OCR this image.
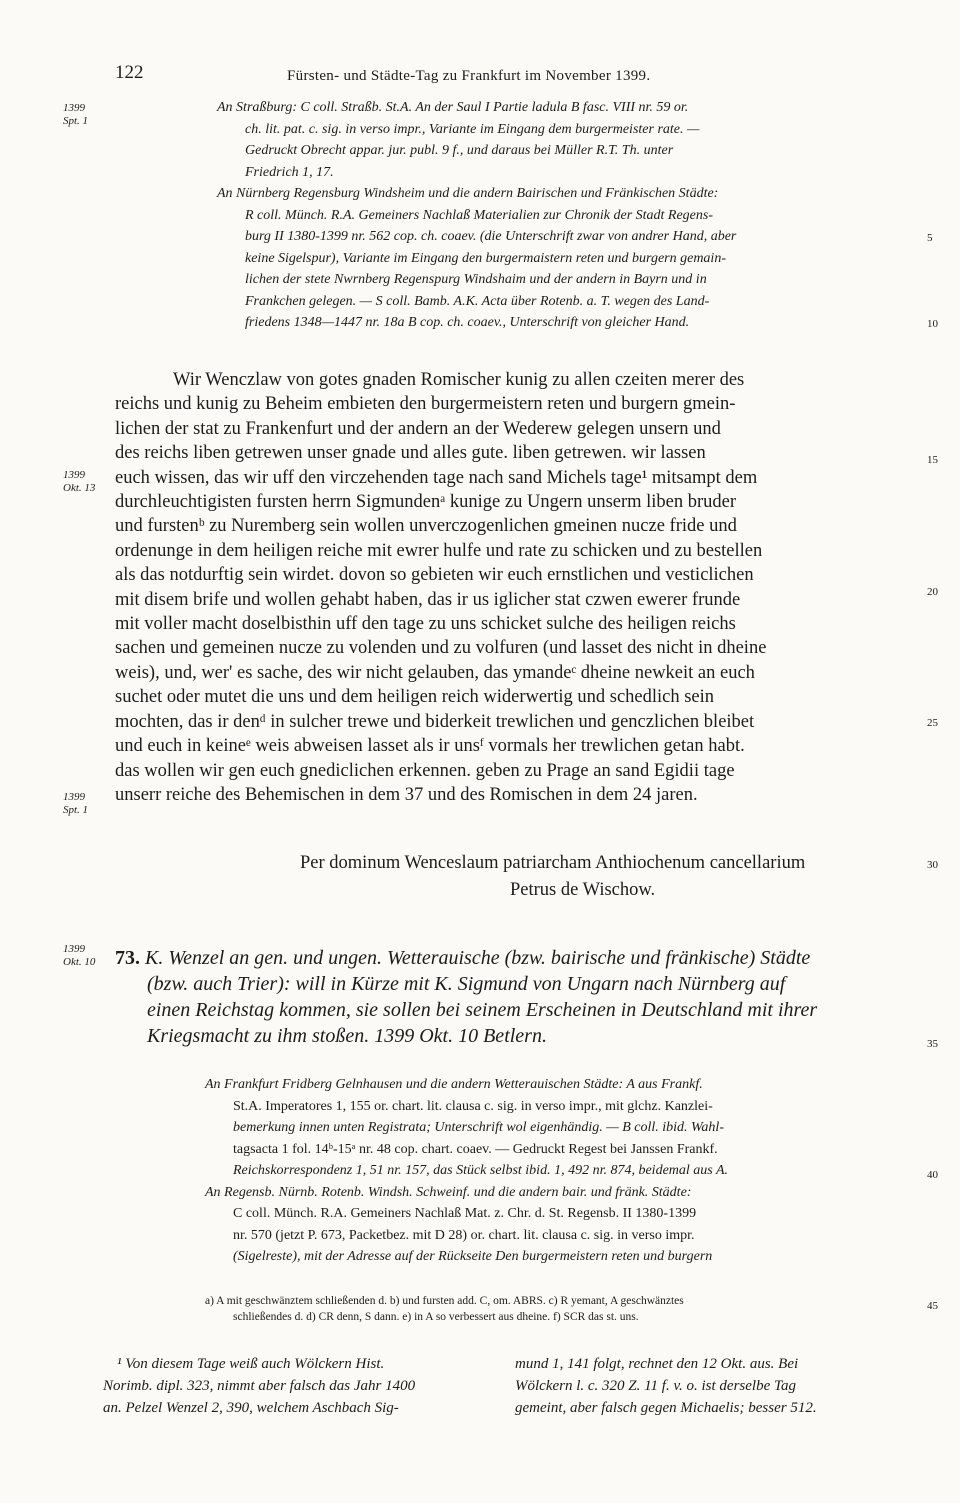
122	Fürsten- und Städte-Tag zu Frankfurt im November 1399.
1399
Spt. 1
1399
Okt. 13
1399
Spt. 1
1399
Okt. 10
5
10
15
20
25
30
35
40
45
An Straßburg: C coll. Straßb. St.A. An der Saul I Partie ladula B fasc. VIII nr. 59 or.
ch. lit. pat. c. sig. in verso impr., Variante im Eingang dem burgermeister rate. —
Gedruckt Obrecht appar. jur. publ. 9 f., und daraus bei Müller R.T. Th. unter
Friedrich 1, 17.
An Nürnberg Regensburg Windsheim und die andern Bairischen und Fränkischen Städte:
R coll. Münch. R.A. Gemeiners Nachlaß Materialien zur Chronik der Stadt Regens-
burg II 1380-1399 nr. 562 cop. ch. coaev. (die Unterschrift zwar von andrer Hand, aber
keine Sigelspur), Variante im Eingang den burgermaistern reten und burgern gemain-
lichen der stete Nwrnberg Regenspurg Windshaim und der andern in Bayrn und in
Frankchen gelegen. — S coll. Bamb. A.K. Acta über Rotenb. a. T. wegen des Land-
friedens 1348—1447 nr. 18a B cop. ch. coaev., Unterschrift von gleicher Hand.
Wir Wenczlaw von gotes gnaden Romischer kunig zu allen czeiten merer des
reichs und kunig zu Beheim embieten den burgermeistern reten und burgern gmein-
lichen der stat zu Frankenfurt und der andern an der Wederew gelegen unsern und
des reichs liben getrewen unser gnade und alles gute. liben getrewen. wir lassen
euch wissen, das wir uff den virczehenden tage nach sand Michels tage¹ mitsampt dem
durchleuchtigisten fursten herrn Sigmundenᵃ kunige zu Ungern unserm liben bruder
und furstenᵇ zu Nuremberg sein wollen unverczogenlichen gmeinen nucze fride und
ordenunge in dem heiligen reiche mit ewrer hulfe und rate zu schicken und zu bestellen
als das notdurftig sein wirdet. dovon so gebieten wir euch ernstlichen und vesticlichen
mit disem brife und wollen gehabt haben, das ir us iglicher stat czwen ewerer frunde
mit voller macht doselbisthin uff den tage zu uns schicket sulche des heiligen reichs
sachen und gemeinen nucze zu volenden und zu volfuren (und lasset des nicht in dheine
weis), und, wer' es sache, des wir nicht gelauben, das ymandeᶜ dheine newkeit an euch
suchet oder mutet die uns und dem heiligen reich widerwertig und schedlich sein
mochten, das ir denᵈ in sulcher trewe und biderkeit trewlichen und genczlichen bleibet
und euch in keineᵉ weis abweisen lasset als ir unsᶠ vormals her trewlichen getan habt.
das wollen wir gen euch gnediclichen erkennen. geben zu Prage an sand Egidii tage
unserr reiche des Behemischen in dem 37 und des Romischen in dem 24 jaren.
Per dominum Wenceslaum patriarcham Anthiochenum cancellarium
Petrus de Wischow.
73. K. Wenzel an gen. und ungen. Wetterauische (bzw. bairische und fränkische) Städte
(bzw. auch Trier): will in Kürze mit K. Sigmund von Ungarn nach Nürnberg auf
einen Reichstag kommen, sie sollen bei seinem Erscheinen in Deutschland mit ihrer
Kriegsmacht zu ihm stoßen. 1399 Okt. 10 Betlern.
An Frankfurt Fridberg Gelnhausen und die andern Wetterauischen Städte: A aus Frankf.
St.A. Imperatores 1, 155 or. chart. lit. clausa c. sig. in verso impr., mit glchz. Kanzlei-
bemerkung innen unten Registrata; Unterschrift wol eigenhändig. — B coll. ibid. Wahl-
tagsacta 1 fol. 14ᵇ-15ᵃ nr. 48 cop. chart. coaev. — Gedruckt Regest bei Janssen Frankf.
Reichskorrespondenz 1, 51 nr. 157, das Stück selbst ibid. 1, 492 nr. 874, beidemal aus A.
An Regensb. Nürnb. Rotenb. Windsh. Schweinf. und die andern bair. und fränk. Städte:
C coll. Münch. R.A. Gemeiners Nachlaß Mat. z. Chr. d. St. Regensb. II 1380-1399
nr. 570 (jetzt P. 673, Packetbez. mit D 28) or. chart. lit. clausa c. sig. in verso impr.
(Sigelreste), mit der Adresse auf der Rückseite Den burgermeistern reten und burgern
a) A mit geschwänztem schließenden d. b) und fursten add. C, om. ABRS. c) R yemant, A geschwänztes
schließendes d. d) CR denn, S dann. e) in A so verbessert aus dheine. f) SCR das st. uns.
¹ Von diesem Tage weiß auch Wölckern Hist.
Norimb. dipl. 323, nimmt aber falsch das Jahr 1400
an. Pelzel Wenzel 2, 390, welchem Aschbach Sig-
mund 1, 141 folgt, rechnet den 12 Okt. aus. Bei
Wölckern l. c. 320 Z. 11 f. v. o. ist derselbe Tag
gemeint, aber falsch gegen Michaelis; besser 512.
